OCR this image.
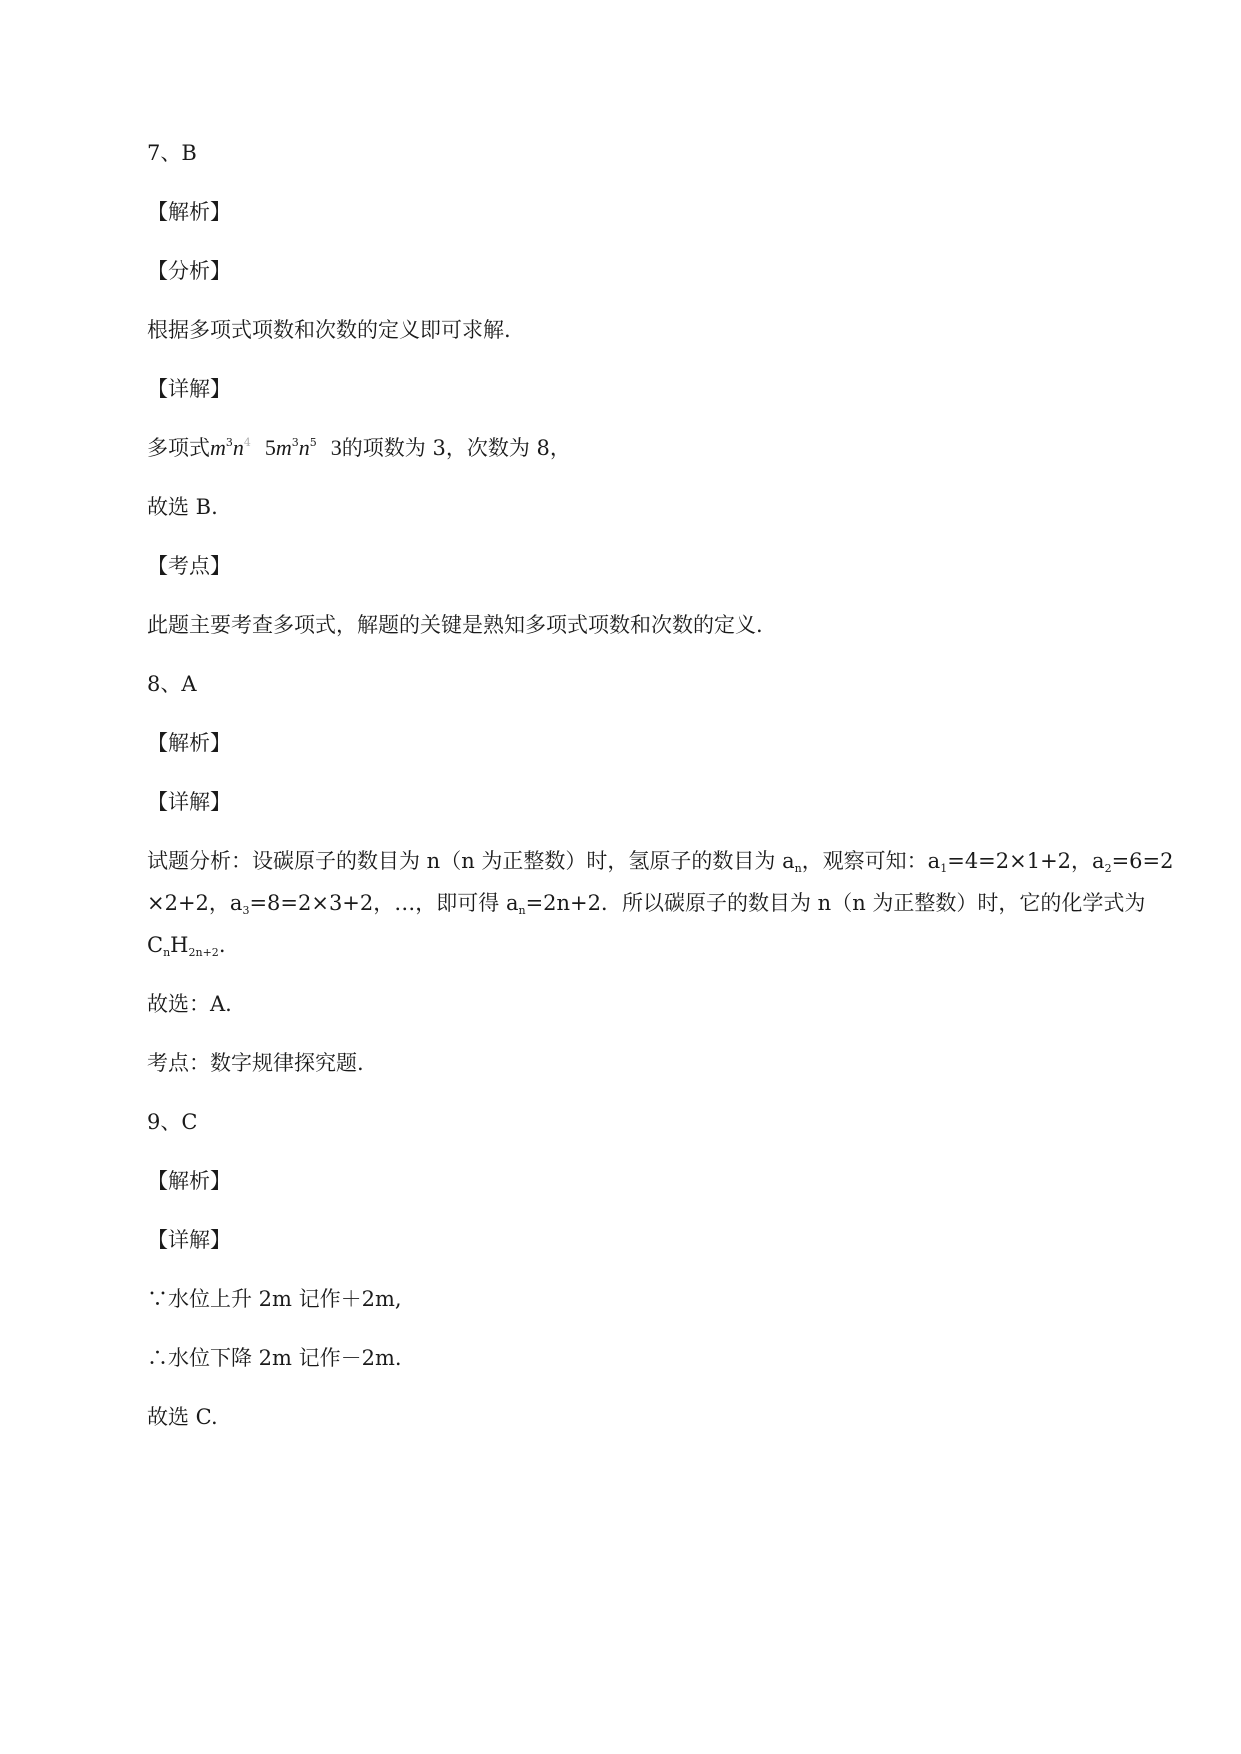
7、B
【解析】
【分析】
根据多项式项数和次数的定义即可求解.
【详解】
多项式$m^3n^4$ $5m^3n^5$ 3的项数为 3，次数为 8，
故选 B.
【考点】
此题主要考查多项式，解题的关键是熟知多项式项数和次数的定义.
8、A
【解析】
【详解】
试题分析：设碳原子的数目为 n（n 为正整数）时，氢原子的数目为 $a_n$，观察可知：$a_1=4=2\times 1+2$，$a_2=6=2$
×2+2，$a_3=8=2\times 3+2$，…，即可得 $a_n=2n+2$．所以碳原子的数目为 n（n 为正整数）时，它的化学式为
$C_nH_{2n+2}$.
故选：A.
考点：数字规律探究题.
9、C
【解析】
【详解】
∵水位上升 2m 记作＋2m,
∴水位下降 2m 记作－2m.
故选 C.
